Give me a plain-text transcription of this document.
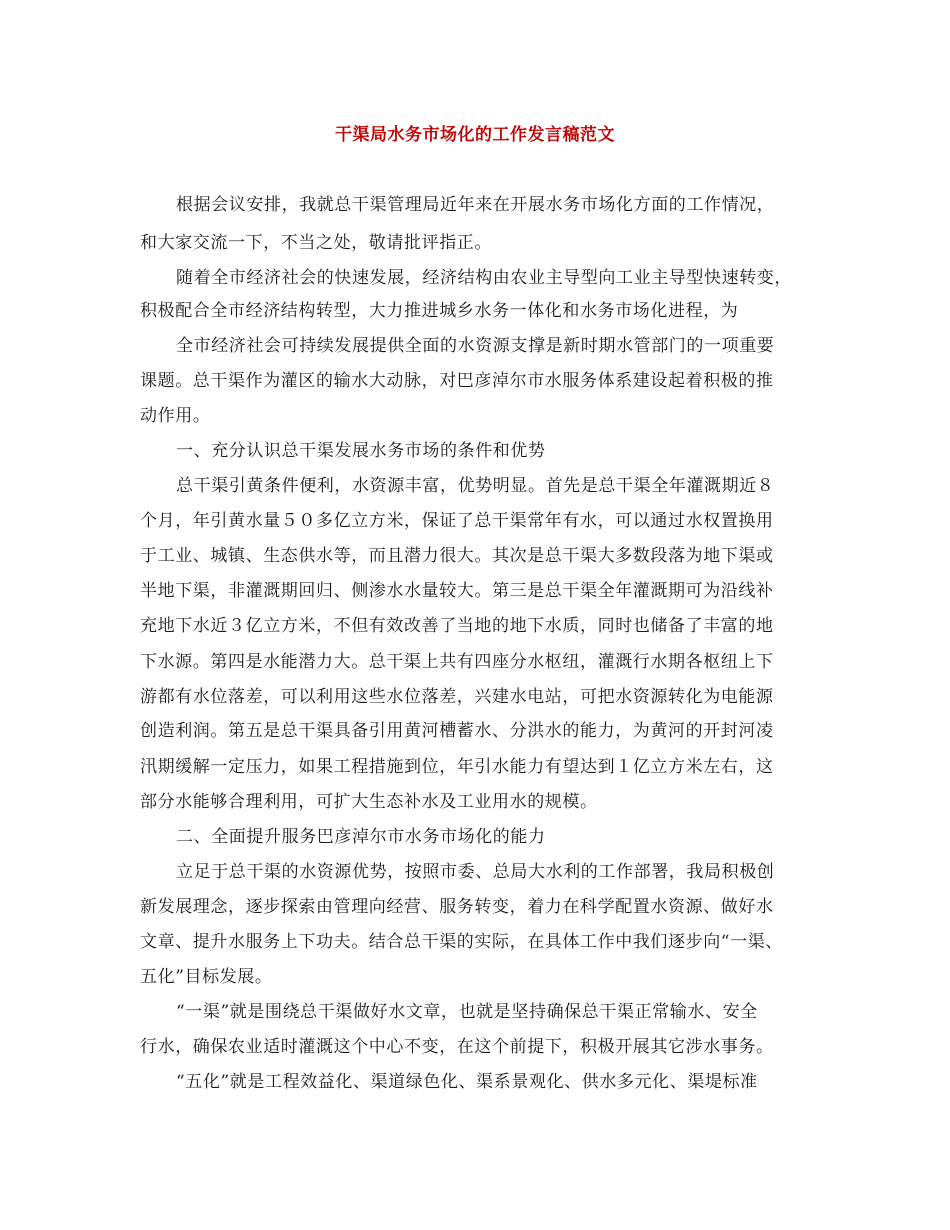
干渠局水务市场化的工作发言稿范文
根据会议安排，我就总干渠管理局近年来在开展水务市场化方面的工作情况，
和大家交流一下，不当之处，敬请批评指正。
随着全市经济社会的快速发展，经济结构由农业主导型向工业主导型快速转变，
积极配合全市经济结构转型，大力推进城乡水务一体化和水务市场化进程，为
全市经济社会可持续发展提供全面的水资源支撑是新时期水管部门的一项重要
课题。总干渠作为灌区的输水大动脉，对巴彦淖尔市水服务体系建设起着积极的推
动作用。
一、充分认识总干渠发展水务市场的条件和优势
总干渠引黄条件便利，水资源丰富，优势明显。首先是总干渠全年灌溉期近８
个月，年引黄水量５０多亿立方米，保证了总干渠常年有水，可以通过水权置换用
于工业、城镇、生态供水等，而且潜力很大。其次是总干渠大多数段落为地下渠或
半地下渠，非灌溉期回归、侧渗水水量较大。第三是总干渠全年灌溉期可为沿线补
充地下水近３亿立方米，不但有效改善了当地的地下水质，同时也储备了丰富的地
下水源。第四是水能潜力大。总干渠上共有四座分水枢纽，灌溉行水期各枢纽上下
游都有水位落差，可以利用这些水位落差，兴建水电站，可把水资源转化为电能源
创造利润。第五是总干渠具备引用黄河槽蓄水、分洪水的能力，为黄河的开封河凌
汛期缓解一定压力，如果工程措施到位，年引水能力有望达到１亿立方米左右，这
部分水能够合理利用，可扩大生态补水及工业用水的规模。
二、全面提升服务巴彦淖尔市水务市场化的能力
立足于总干渠的水资源优势，按照市委、总局大水利的工作部署，我局积极创
新发展理念，逐步探索由管理向经营、服务转变，着力在科学配置水资源、做好水
文章、提升水服务上下功夫。结合总干渠的实际，在具体工作中我们逐步向“一渠、
五化”目标发展。
“一渠”就是围绕总干渠做好水文章，也就是坚持确保总干渠正常输水、安全
行水，确保农业适时灌溉这个中心不变，在这个前提下，积极开展其它涉水事务。
“五化”就是工程效益化、渠道绿色化、渠系景观化、供水多元化、渠堤标准
